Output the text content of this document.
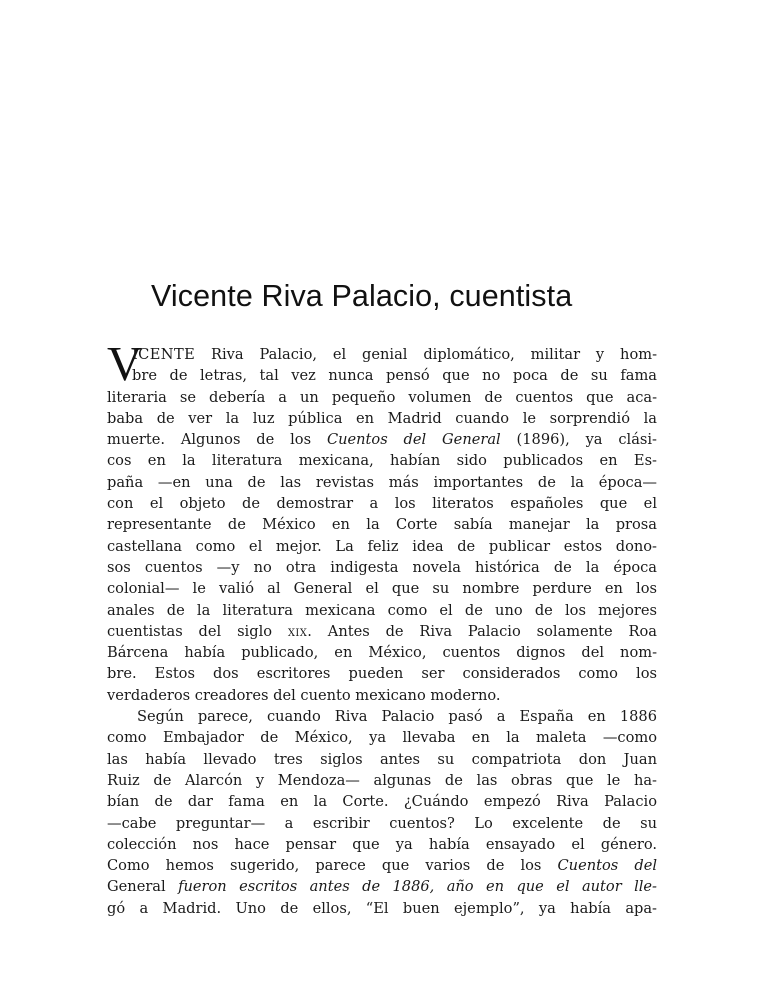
Vicente Riva Palacio, cuentista
V
ICENTE Riva Palacio, el genial diplomático, militar y hom-
bre de letras, tal vez nunca pensó que no poca de su fama
literaria se debería a un pequeño volumen de cuentos que aca-
baba de ver la luz pública en Madrid cuando le sorprendió la
muerte. Algunos de los Cuentos del General (1896), ya clási-
cos en la literatura mexicana, habían sido publicados en Es-
paña —en una de las revistas más importantes de la época—
con el objeto de demostrar a los literatos españoles que el
representante de México en la Corte sabía manejar la prosa
castellana como el mejor. La feliz idea de publicar estos dono-
sos cuentos —y no otra indigesta novela histórica de la época
colonial— le valió al General el que su nombre perdure en los
anales de la literatura mexicana como el de uno de los mejores
cuentistas del siglo xix. Antes de Riva Palacio solamente Roa
Bárcena había publicado, en México, cuentos dignos del nom-
bre. Estos dos escritores pueden ser considerados como los
verdaderos creadores del cuento mexicano moderno.
Según parece, cuando Riva Palacio pasó a España en 1886
como Embajador de México, ya llevaba en la maleta —como
las había llevado tres siglos antes su compatriota don Juan
Ruiz de Alarcón y Mendoza— algunas de las obras que le ha-
bían de dar fama en la Corte. ¿Cuándo empezó Riva Palacio
—cabe preguntar— a escribir cuentos? Lo excelente de su
colección nos hace pensar que ya había ensayado el género.
Como hemos sugerido, parece que varios de los Cuentos del
General fueron escritos antes de 1886, año en que el autor lle-
gó a Madrid. Uno de ellos, “El buen ejemplo”, ya había apa-
